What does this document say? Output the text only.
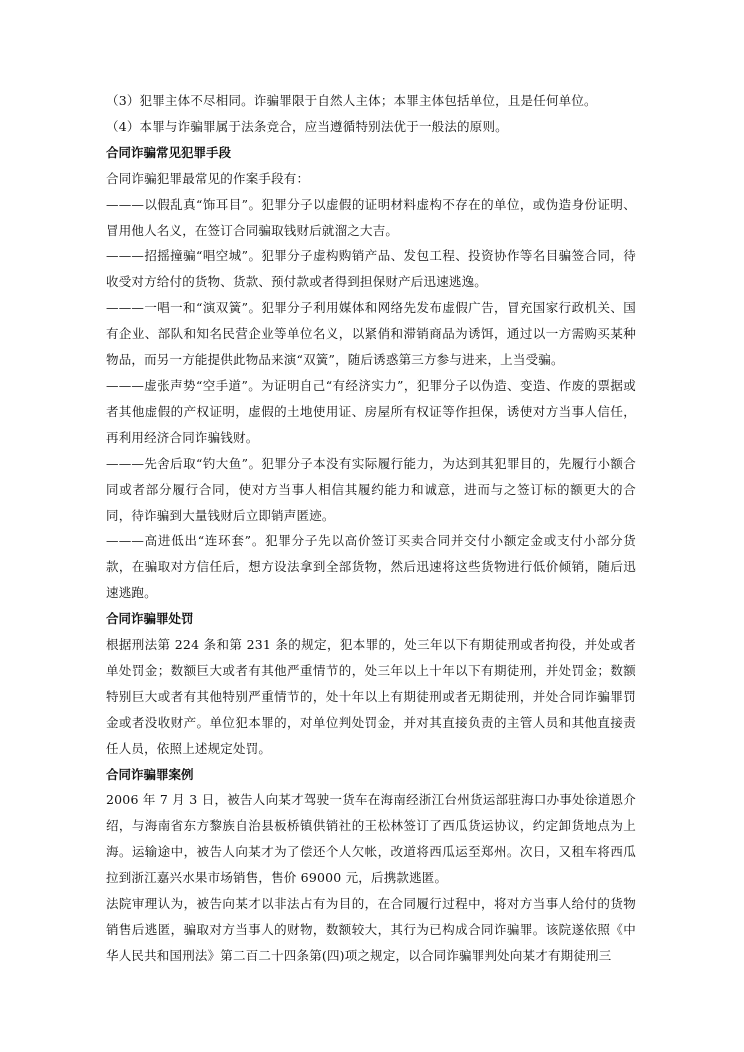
（3）犯罪主体不尽相同。诈骗罪限于自然人主体；本罪主体包括单位，且是任何单位。

（4）本罪与诈骗罪属于法条竞合，应当遵循特别法优于一般法的原则。

合同诈骗常见犯罪手段

合同诈骗犯罪最常见的作案手段有：

———以假乱真“饰耳目”。犯罪分子以虚假的证明材料虚构不存在的单位，或伪造身份证明、冒用他人名义，在签订合同骗取钱财后就溜之大吉。

———招摇撞骗“唱空城”。犯罪分子虚构购销产品、发包工程、投资协作等名目骗签合同，待收受对方给付的货物、货款、预付款或者得到担保财产后迅速逃逸。

———一唱一和“演双簧”。犯罪分子利用媒体和网络先发布虚假广告，冒充国家行政机关、国有企业、部队和知名民营企业等单位名义，以紧俏和滞销商品为诱饵，通过以一方需购买某种物品，而另一方能提供此物品来演“双簧”，随后诱惑第三方参与进来，上当受骗。

———虚张声势“空手道”。为证明自己“有经济实力”，犯罪分子以伪造、变造、作废的票据或者其他虚假的产权证明，虚假的土地使用证、房屋所有权证等作担保，诱使对方当事人信任，再利用经济合同诈骗钱财。

———先舍后取“钓大鱼”。犯罪分子本没有实际履行能力，为达到其犯罪目的，先履行小额合同或者部分履行合同，使对方当事人相信其履约能力和诚意，进而与之签订标的额更大的合同，待诈骗到大量钱财后立即销声匿迹。

———高进低出“连环套”。犯罪分子先以高价签订买卖合同并交付小额定金或支付小部分货款，在骗取对方信任后，想方设法拿到全部货物，然后迅速将这些货物进行低价倾销，随后迅速逃跑。

合同诈骗罪处罚

根据刑法第 224 条和第 231 条的规定，犯本罪的，处三年以下有期徒刑或者拘役，并处或者单处罚金；数额巨大或者有其他严重情节的，处三年以上十年以下有期徒刑，并处罚金；数额特别巨大或者有其他特别严重情节的，处十年以上有期徒刑或者无期徒刑，并处合同诈骗罪罚金或者没收财产。单位犯本罪的，对单位判处罚金，并对其直接负责的主管人员和其他直接责任人员，依照上述规定处罚。

合同诈骗罪案例

2006 年 7 月 3 日，被告人向某才驾驶一货车在海南经浙江台州货运部驻海口办事处徐道恩介绍，与海南省东方黎族自治县板桥镇供销社的王松林签订了西瓜货运协议，约定卸货地点为上海。运输途中，被告人向某才为了偿还个人欠帐，改道将西瓜运至郑州。次日，又租车将西瓜拉到浙江嘉兴水果市场销售，售价 69000 元，后携款逃匿。

法院审理认为，被告向某才以非法占有为目的，在合同履行过程中，将对方当事人给付的货物销售后逃匿，骗取对方当事人的财物，数额较大，其行为已构成合同诈骗罪。该院遂依照《中华人民共和国刑法》第二百二十四条第(四)项之规定，以合同诈骗罪判处向某才有期徒刑三
